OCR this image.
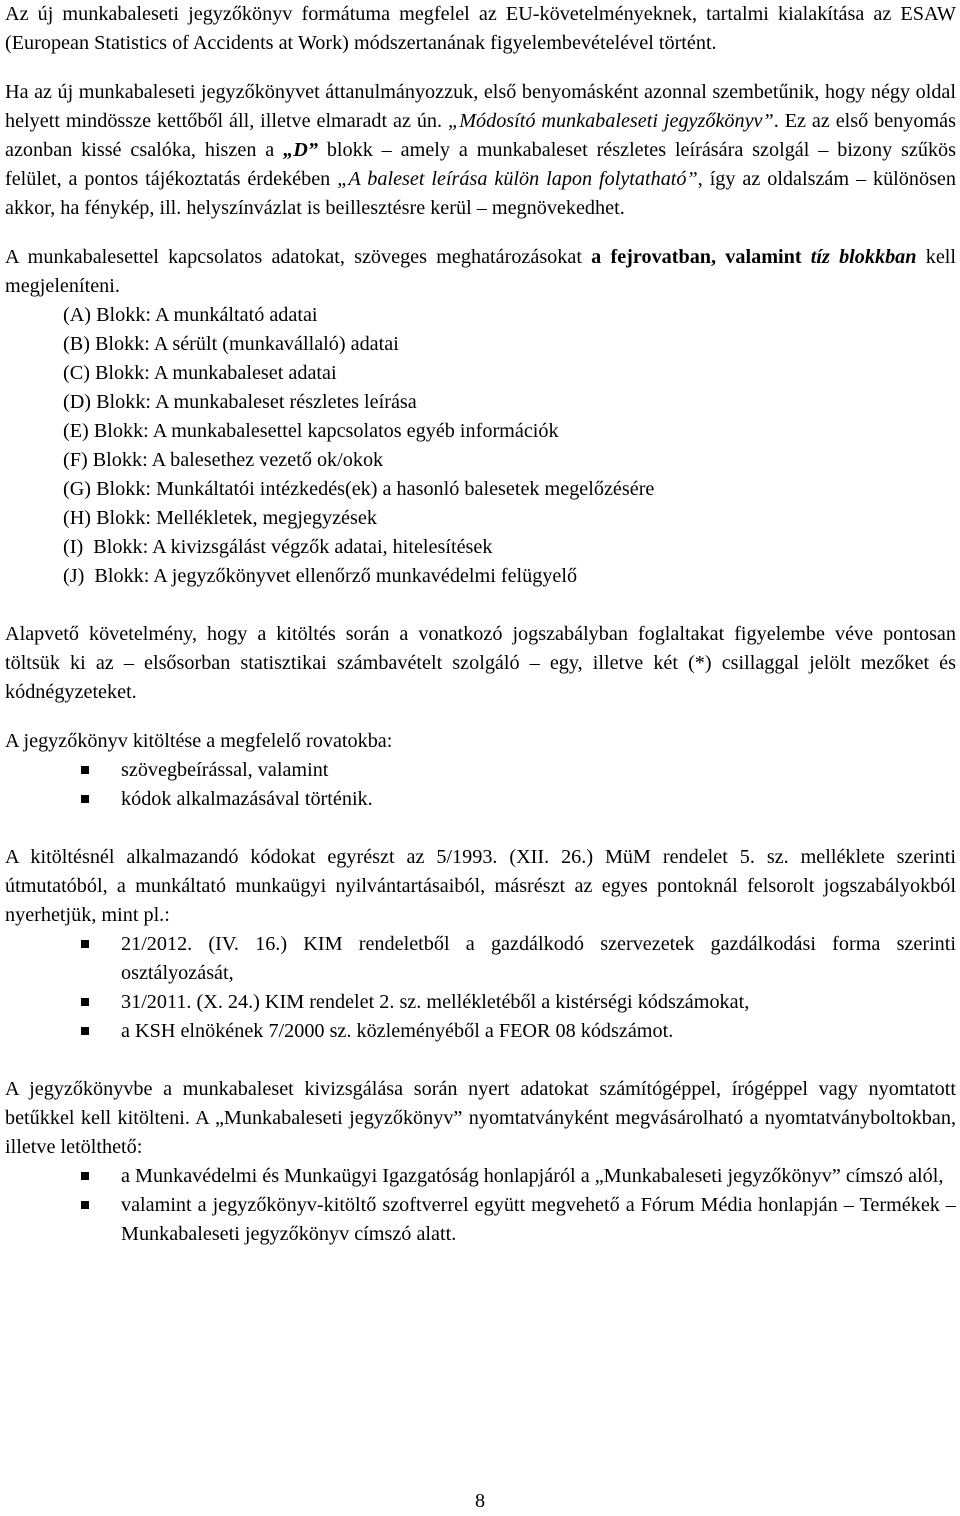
Az új munkabaleseti jegyzőkönyv formátuma megfelel az EU-követelményeknek, tartalmi kialakítása az ESAW (European Statistics of Accidents at Work) módszertanának figyelembevételével történt.

Ha az új munkabaleseti jegyzőkönyvet áttanulmányozzuk, első benyomásként azonnal szembetűnik, hogy négy oldal helyett mindössze kettőből áll, illetve elmaradt az ún. „Módosító munkabaleseti jegyzőkönyv”. Ez az első benyomás azonban kissé csalóka, hiszen a „D” blokk – amely a munkabaleset részletes leírására szolgál – bizony szűkös felület, a pontos tájékoztatás érdekében „A baleset leírása külön lapon folytatható”, így az oldalszám – különösen akkor, ha fénykép, ill. helyszínvázlat is beillesztésre kerül – megnövekedhet.

A munkabalesettel kapcsolatos adatokat, szöveges meghatározásokat a fejrovatban, valamint tíz blokkban kell megjeleníteni.

(A) Blokk: A munkáltató adatai

(B) Blokk: A sérült (munkavállaló) adatai

(C) Blokk: A munkabaleset adatai

(D) Blokk: A munkabaleset részletes leírása

(E) Blokk: A munkabalesettel kapcsolatos egyéb információk

(F) Blokk: A balesethez vezető ok/okok

(G) Blokk: Munkáltatói intézkedés(ek) a hasonló balesetek megelőzésére

(H) Blokk: Mellékletek, megjegyzések

(I)  Blokk: A kivizsgálást végzők adatai, hitelesítések

(J)  Blokk: A jegyzőkönyvet ellenőrző munkavédelmi felügyelő

Alapvető követelmény, hogy a kitöltés során a vonatkozó jogszabályban foglaltakat figyelembe véve pontosan töltsük ki az – elsősorban statisztikai számbavételt szolgáló – egy, illetve két (*) csillaggal jelölt mezőket és kódnégyzeteket.

A jegyzőkönyv kitöltése a megfelelő rovatokba:

szövegbeírással, valamint
kódok alkalmazásával történik.

A kitöltésnél alkalmazandó kódokat egyrészt az 5/1993. (XII. 26.) MüM rendelet 5. sz. melléklete szerinti útmutatóból, a munkáltató munkaügyi nyilvántartásaiból, másrészt az egyes pontoknál felsorolt jogszabályokból nyerhetjük, mint pl.:

21/2012. (IV. 16.) KIM rendeletből a gazdálkodó szervezetek gazdálkodási forma szerinti osztályozását,
31/2011. (X. 24.) KIM rendelet 2. sz. mellékletéből a kistérségi kódszámokat,
a KSH elnökének 7/2000 sz. közleményéből a FEOR 08 kódszámot.

A jegyzőkönyvbe a munkabaleset kivizsgálása során nyert adatokat számítógéppel, írógéppel vagy nyomtatott betűkkel kell kitölteni. A „Munkabaleseti jegyzőkönyv” nyomtatványként megvásárolható a nyomtatványboltokban, illetve letölthető:

a Munkavédelmi és Munkaügyi Igazgatóság honlapjáról a „Munkabaleseti jegyzőkönyv” címszó alól,
valamint a jegyzőkönyv-kitöltő szoftverrel együtt megvehető a Fórum Média honlapján – Termékek – Munkabaleseti jegyzőkönyv címszó alatt.
8
